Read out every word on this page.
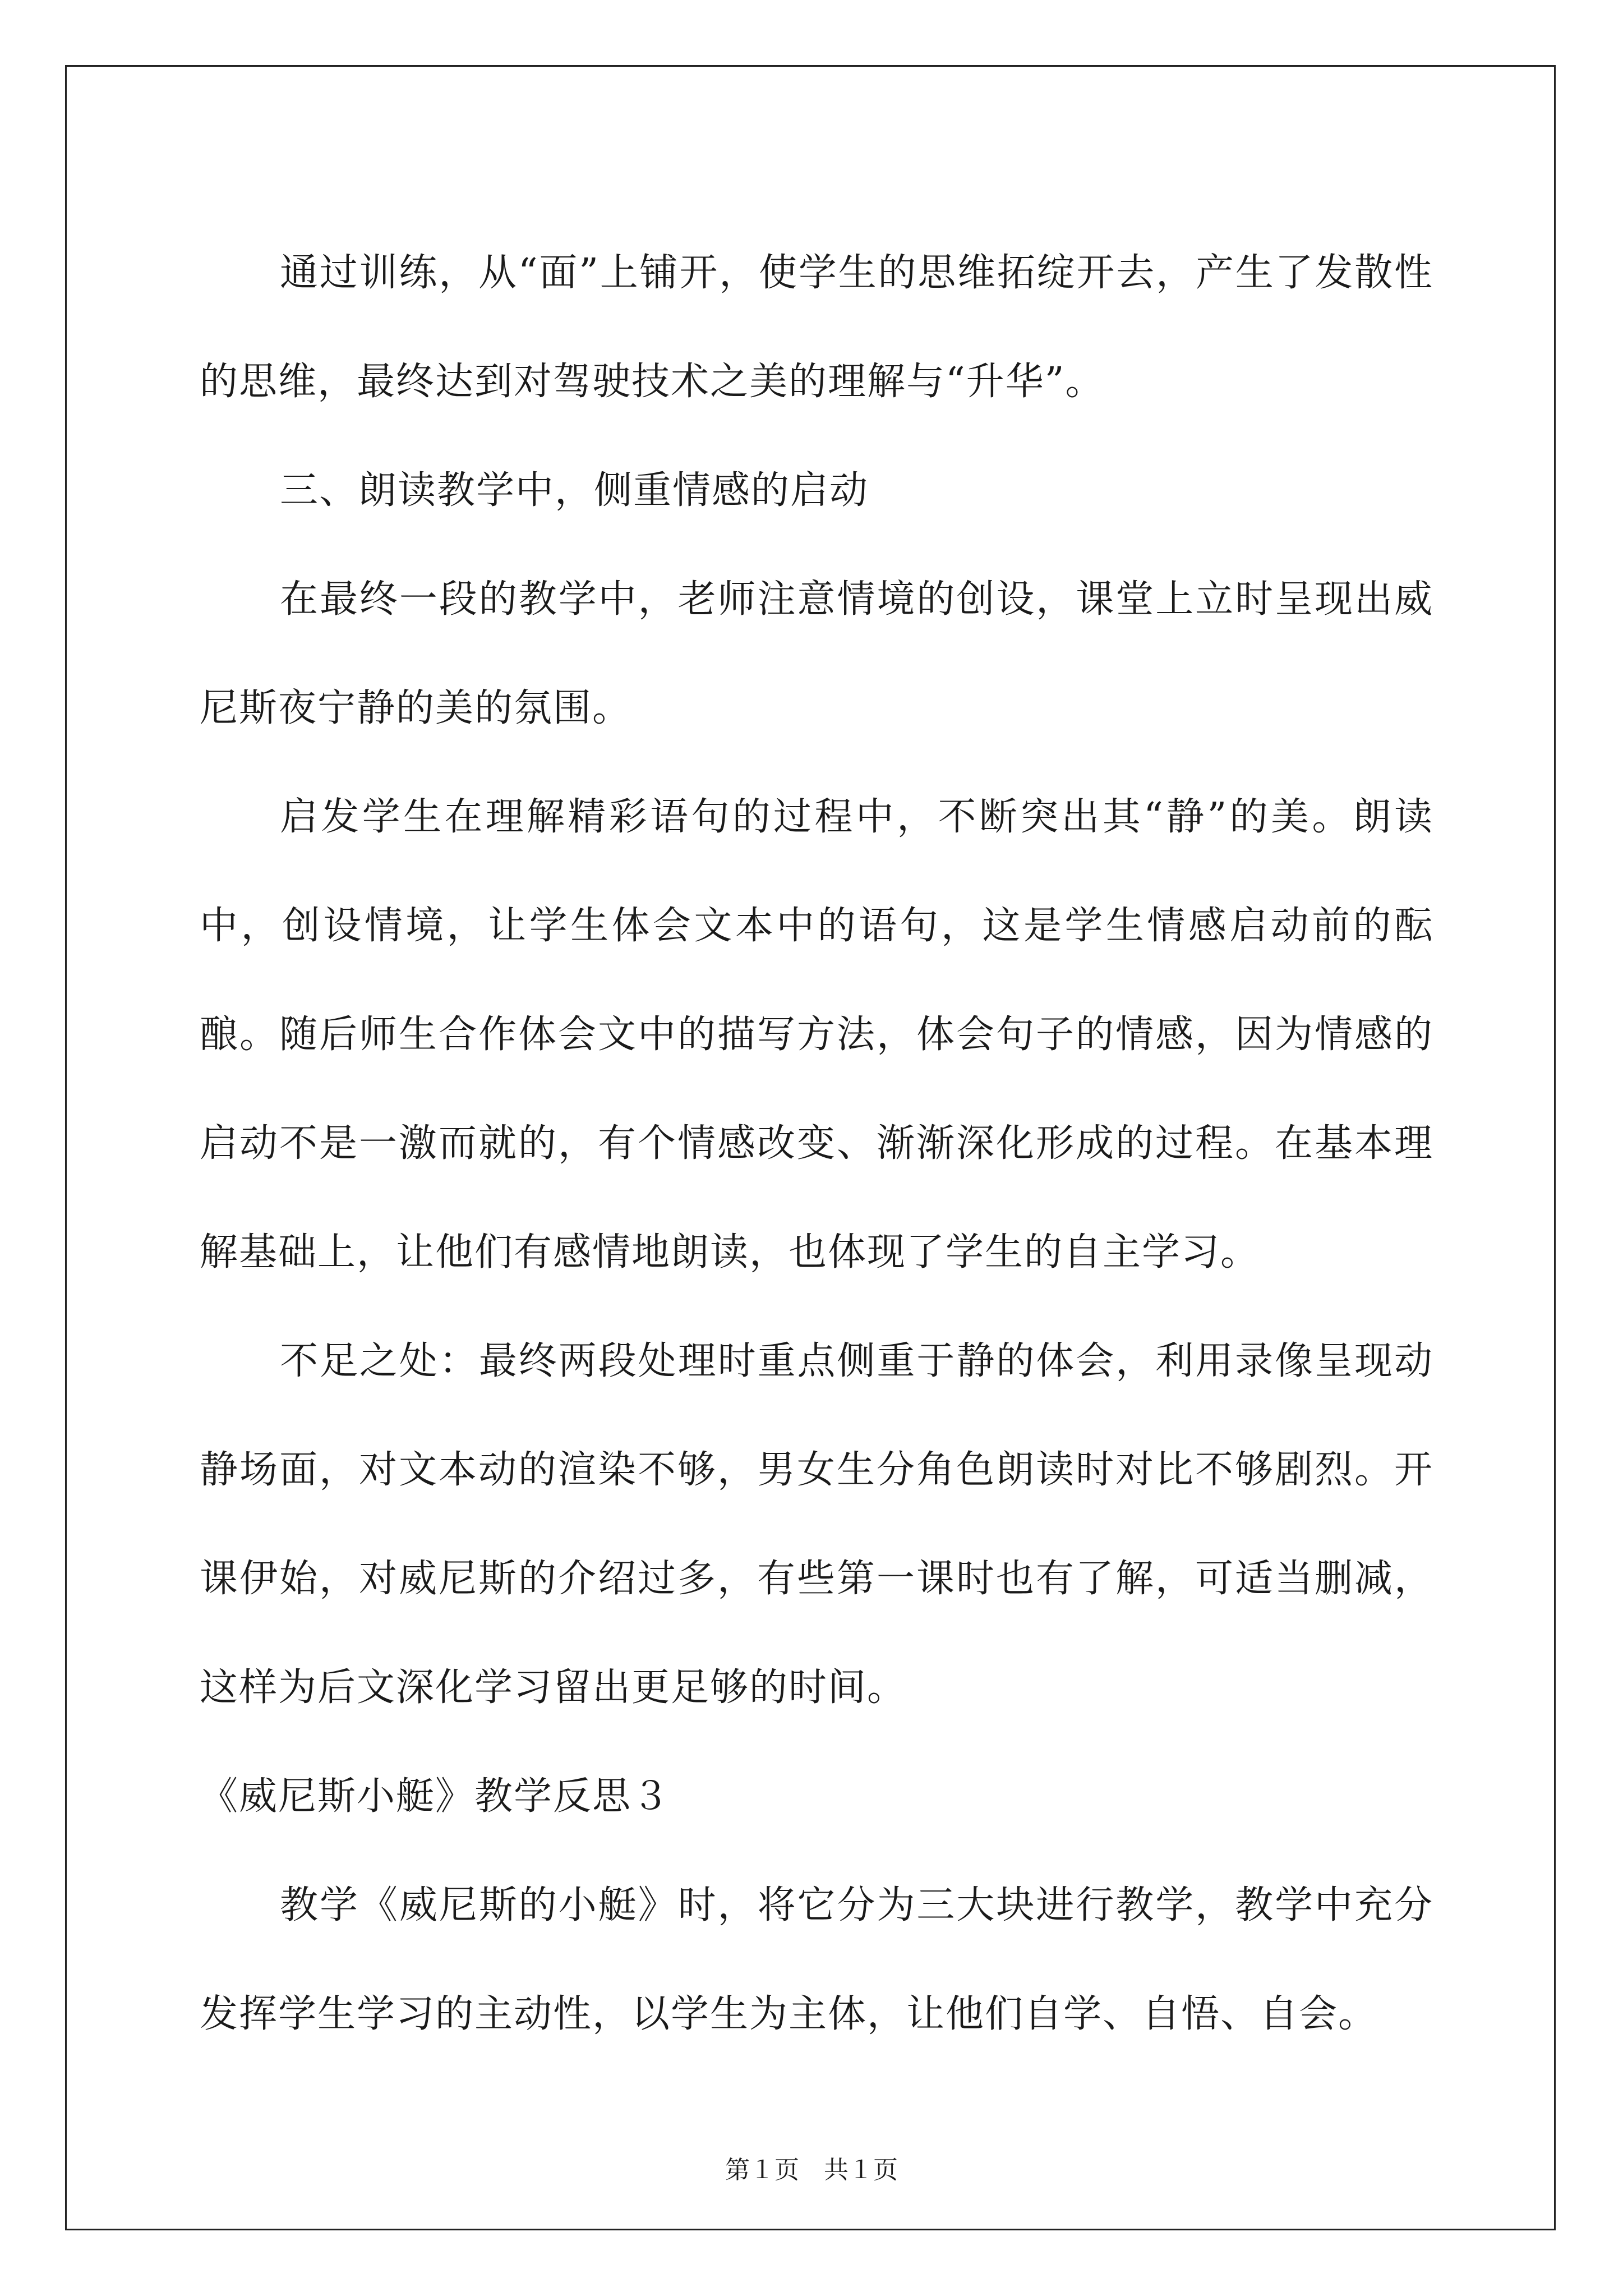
通过训练，从“面”上铺开，使学生的思维拓绽开去，产生了发散性的思维，最终达到对驾驶技术之美的理解与“升华”。

三、朗读教学中，侧重情感的启动

在最终一段的教学中，老师注意情境的创设，课堂上立时呈现出威尼斯夜宁静的美的氛围。

启发学生在理解精彩语句的过程中，不断突出其“静”的美。朗读中，创设情境，让学生体会文本中的语句，这是学生情感启动前的酝酿。随后师生合作体会文中的描写方法，体会句子的情感，因为情感的启动不是一激而就的，有个情感改变、渐渐深化形成的过程。在基本理解基础上，让他们有感情地朗读，也体现了学生的自主学习。

不足之处：最终两段处理时重点侧重于静的体会，利用录像呈现动静场面，对文本动的渲染不够，男女生分角色朗读时对比不够剧烈。开课伊始，对威尼斯的介绍过多，有些第一课时也有了解，可适当删减，这样为后文深化学习留出更足够的时间。

《威尼斯小艇》教学反思３

教学《威尼斯的小艇》时，将它分为三大块进行教学，教学中充分发挥学生学习的主动性，以学生为主体，让他们自学、自悟、自会。

第１页　共１页
